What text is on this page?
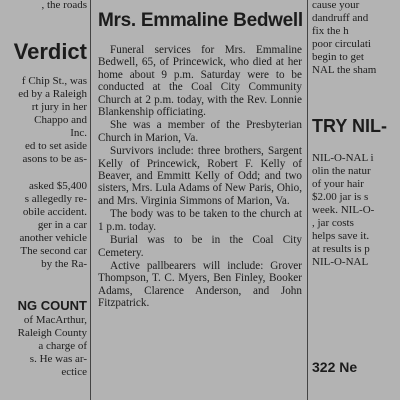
, the roads
Verdict
f Chip St., was
ed by a Raleigh
rt jury in her
Chappo and
Inc.
ed to set aside
asons to be as-
asked $5,400
s allegedly re-
obile accident.
ger in a car
another vehicle
The second car
by the Ra-
NG COUNT
of MacArthur,
Raleigh County
a charge of
s. He was ar-
ectice
Mrs. Emmaline Bedwell

Funeral services for Mrs. Emmaline Bedwell, 65, of Princewick, who died at her home about 9 p.m. Saturday were to be conducted at the Coal City Community Church at 2 p.m. today, with the Rev. Lonnie Blankenship officiating.

She was a member of the Presbyterian Church in Marion, Va.

Survivors include: three brothers, Sargent Kelly of Princewick, Robert F. Kelly of Beaver, and Emmitt Kelly of Odd; and two sisters, Mrs. Lula Adams of New Paris, Ohio, and Mrs. Virginia Simmons of Marion, Va.

The body was to be taken to the church at 1 p.m. today.

Burial was to be in the Coal City Cemetery.

Active pallbearers will include: Grover Thompson, T. C. Myers, Ben Finley, Booker Adams, Clarence Anderson, and John Fitzpatrick.

cause your
dandruff and
fix the h
poor circulati
begin to get
NAL the sham
TRY NIL-
NIL-O-NAL i
olin the natur
of your hair
$2.00 jar is s
week. NIL-O-
, jar costs
helps save it.
at results is p
NIL-O-NAL
322 Ne
